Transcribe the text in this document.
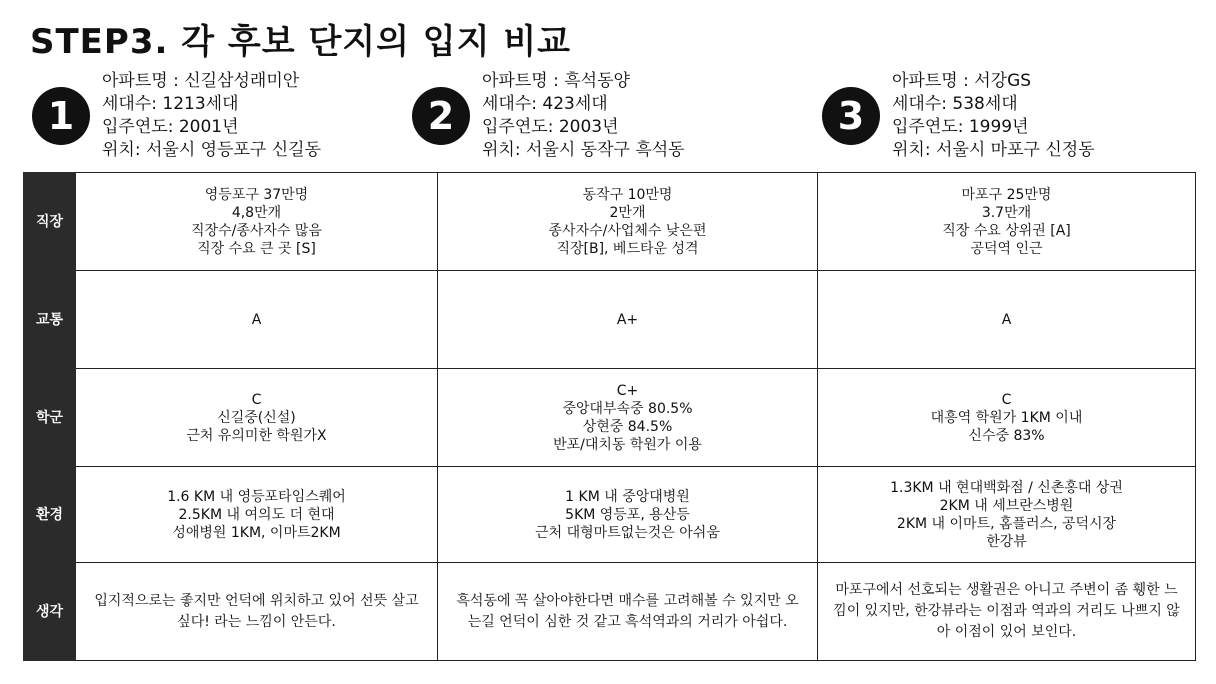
STEP3. 각 후보 단지의 입지 비교
1
아파트명 : 신길삼성래미안
세대수: 1213세대
입주연도: 2001년
위치: 서울시 영등포구 신길동
2
아파트명 : 흑석동양
세대수: 423세대
입주연도: 2003년
위치: 서울시 동작구 흑석동
3
아파트명 : 서강GS
세대수: 538세대
입주연도: 1999년
위치: 서울시 마포구 신정동
직장	영등포구 37만명
4,8만개
직장수/종사자수 많음
직장 수요 큰 곳 [S]	동작구 10만명
2만개
종사자수/사업체수 낮은편
직장[B], 베드타운 성격	마포구 25만명
3.7만개
직장 수요 상위권 [A]
공덕역 인근

교통	A	A+	A

학군	C
신길중(신설)
근처 유의미한 학원가X	C+
중앙대부속중 80.5%
상현중 84.5%
반포/대치동 학원가 이용	C
대흥역 학원가 1KM 이내
신수중 83%

환경	1.6 KM 내 영등포타임스퀘어
2.5KM 내 여의도 더 현대
성애병원 1KM, 이마트2KM	1 KM 내 중앙대병원
5KM 영등포, 용산등
근처 대형마트없는것은 아쉬움	1.3KM 내 현대백화점 / 신촌홍대 상권
2KM 내 세브란스병원
2KM 내 이마트, 홈플러스, 공덕시장
한강뷰

생각	입지적으로는 좋지만 언덕에 위치하고 있어 선뜻 살고싶다! 라는 느낌이 안든다.	흑석동에 꼭 살아야한다면 매수를 고려해볼 수 있지만 오는길 언덕이 심한 것 같고 흑석역과의 거리가 아쉽다.	마포구에서 선호되는 생활권은 아니고 주변이 좀 휑한 느낌이 있지만, 한강뷰라는 이점과 역과의 거리도 나쁘지 않아 이점이 있어 보인다.
